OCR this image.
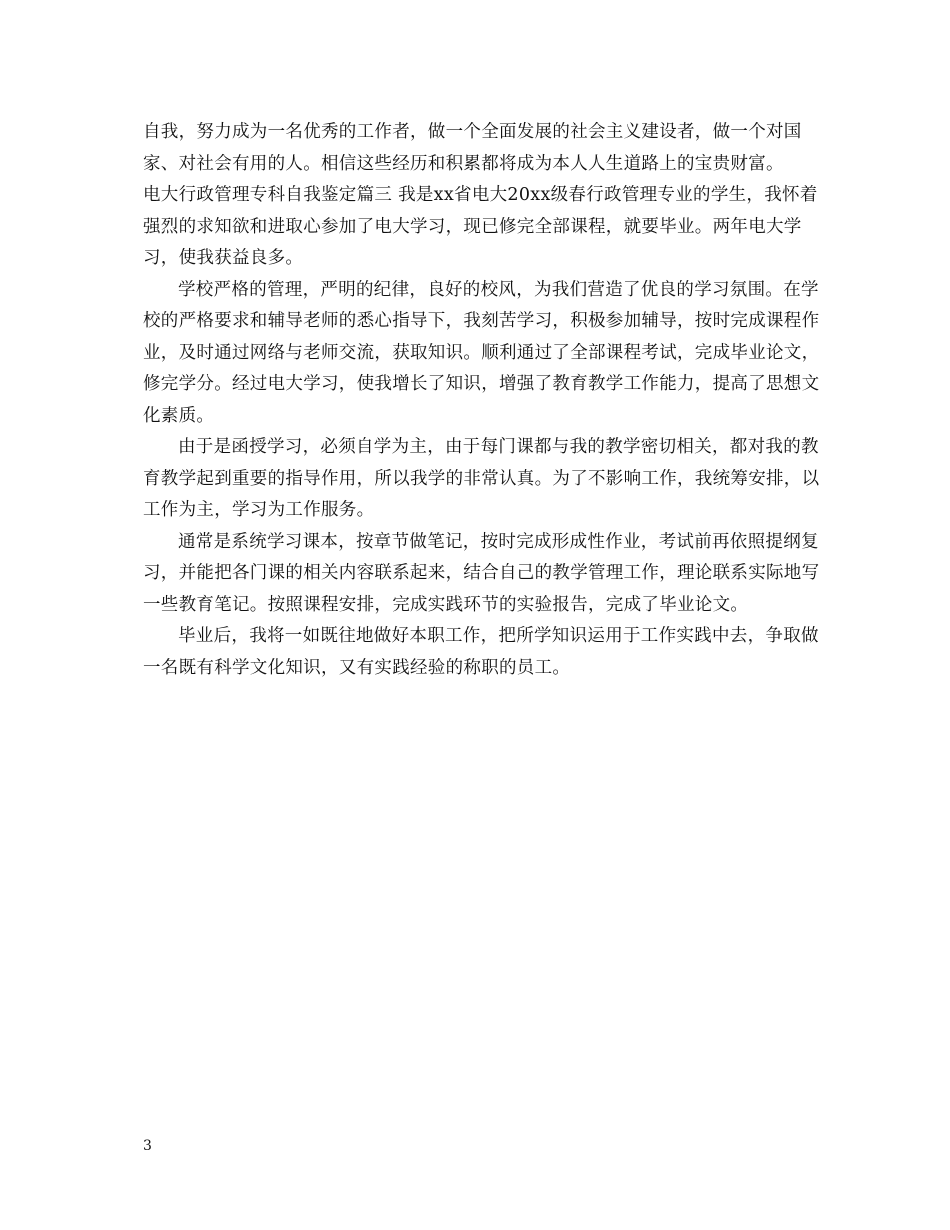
自我，努力成为一名优秀的工作者，做一个全面发展的社会主义建设者，做一个对国家、对社会有用的人。相信这些经历和积累都将成为本人人生道路上的宝贵财富。

电大行政管理专科自我鉴定篇三 我是xx省电大20xx级春行政管理专业的学生，我怀着强烈的求知欲和进取心参加了电大学习，现已修完全部课程，就要毕业。两年电大学习，使我获益良多。

学校严格的管理，严明的纪律，良好的校风，为我们营造了优良的学习氛围。在学校的严格要求和辅导老师的悉心指导下，我刻苦学习，积极参加辅导，按时完成课程作业，及时通过网络与老师交流，获取知识。顺利通过了全部课程考试，完成毕业论文，修完学分。经过电大学习，使我增长了知识，增强了教育教学工作能力，提高了思想文化素质。

由于是函授学习，必须自学为主，由于每门课都与我的教学密切相关，都对我的教育教学起到重要的指导作用，所以我学的非常认真。为了不影响工作，我统筹安排，以工作为主，学习为工作服务。

通常是系统学习课本，按章节做笔记，按时完成形成性作业，考试前再依照提纲复习，并能把各门课的相关内容联系起来，结合自己的教学管理工作，理论联系实际地写一些教育笔记。按照课程安排，完成实践环节的实验报告，完成了毕业论文。

毕业后，我将一如既往地做好本职工作，把所学知识运用于工作实践中去，争取做一名既有科学文化知识，又有实践经验的称职的员工。

3
